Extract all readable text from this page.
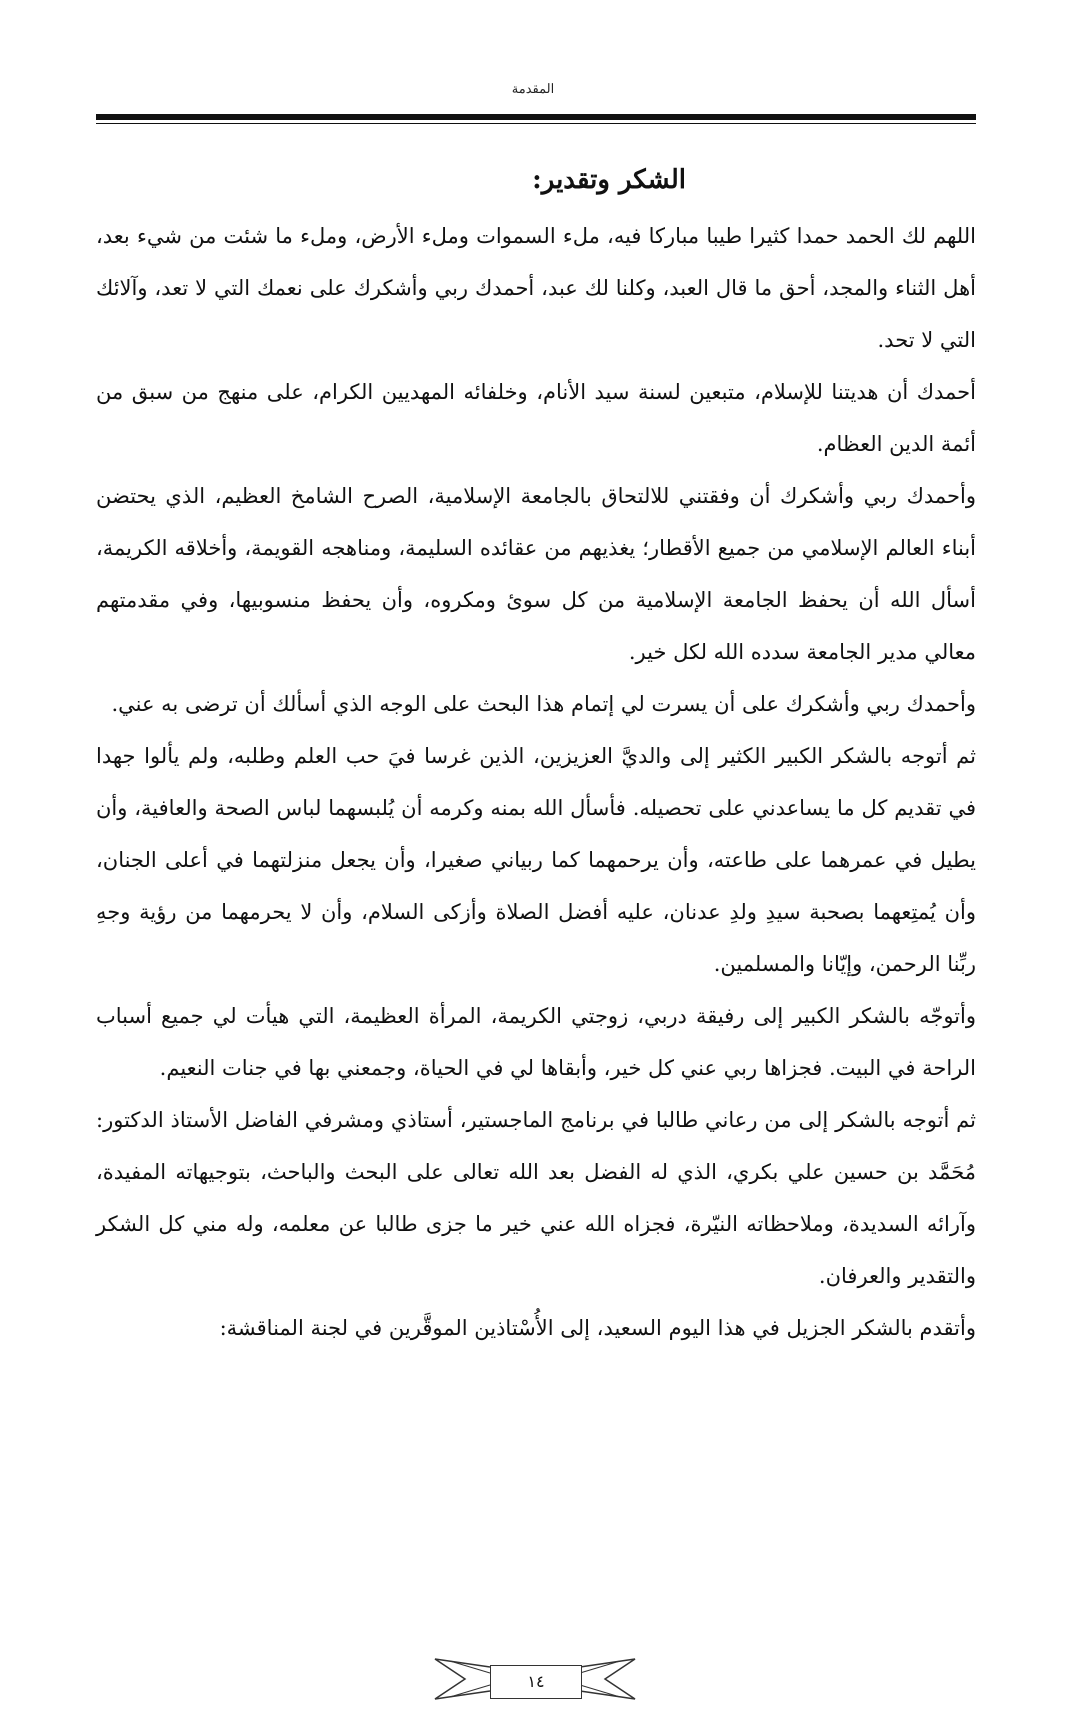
المقدمة
الشكر وتقدير:

اللهم لك الحمد حمدا كثيرا طيبا مباركا فيه، ملء السموات وملء الأرض، وملء ما شئت من شيء بعد، أهل الثناء والمجد، أحق ما قال العبد، وكلنا لك عبد، أحمدك ربي وأشكرك على نعمك التي لا تعد، وآلائك التي لا تحد.

أحمدك أن هديتنا للإسلام، متبعين لسنة سيد الأنام، وخلفائه المهديين الكرام، على منهج من سبق من أئمة الدين العظام.

وأحمدك ربي وأشكرك أن وفقتني للالتحاق بالجامعة الإسلامية، الصرح الشامخ العظيم، الذي يحتضن أبناء العالم الإسلامي من جميع الأقطار؛ يغذيهم من عقائده السليمة، ومناهجه القويمة، وأخلاقه الكريمة، أسأل الله أن يحفظ الجامعة الإسلامية من كل سوئ ومكروه، وأن يحفظ منسوبيها، وفي مقدمتهم معالي مدير الجامعة سدده الله لكل خير.

وأحمدك ربي وأشكرك على أن يسرت لي إتمام هذا البحث على الوجه الذي أسألك أن ترضى به عني.

ثم أتوجه بالشكر الكبير الكثير إلى والديَّ العزيزين، الذين غرسا فيَ حب العلم وطلبه، ولم يألوا جهدا في تقديم كل ما يساعدني على تحصيله. فأسأل الله بمنه وكرمه أن يُلبسهما لباس الصحة والعافية، وأن يطيل في عمرهما على طاعته، وأن يرحمهما كما ربياني صغيرا، وأن يجعل منزلتهما في أعلى الجنان، وأن يُمتِعهما بصحبة سيدِ ولدِ عدنان، عليه أفضل الصلاة وأزكى السلام، وأن لا يحرمهما من رؤية وجهِ ربِّنا الرحمن، وإيّانا والمسلمين.

وأتوجّه بالشكر الكبير إلى رفيقة دربي، زوجتي الكريمة، المرأة العظيمة، التي هيأت لي جميع أسباب الراحة في البيت. فجزاها ربي عني كل خير، وأبقاها لي في الحياة، وجمعني بها في جنات النعيم.

ثم أتوجه بالشكر إلى من رعاني طالبا في برنامج الماجستير، أستاذي ومشرفي الفاضل الأستاذ الدكتور: مُحَمَّد بن حسين علي بكري، الذي له الفضل بعد الله تعالى على البحث والباحث، بتوجيهاته المفيدة، وآرائه السديدة، وملاحظاته النيّرة، فجزاه الله عني خير ما جزى طالبا عن معلمه، وله مني كل الشكر والتقدير والعرفان.

وأتقدم بالشكر الجزيل في هذا اليوم السعيد، إلى الأُسْتاذين الموقَّرين في لجنة المناقشة:

١٤
